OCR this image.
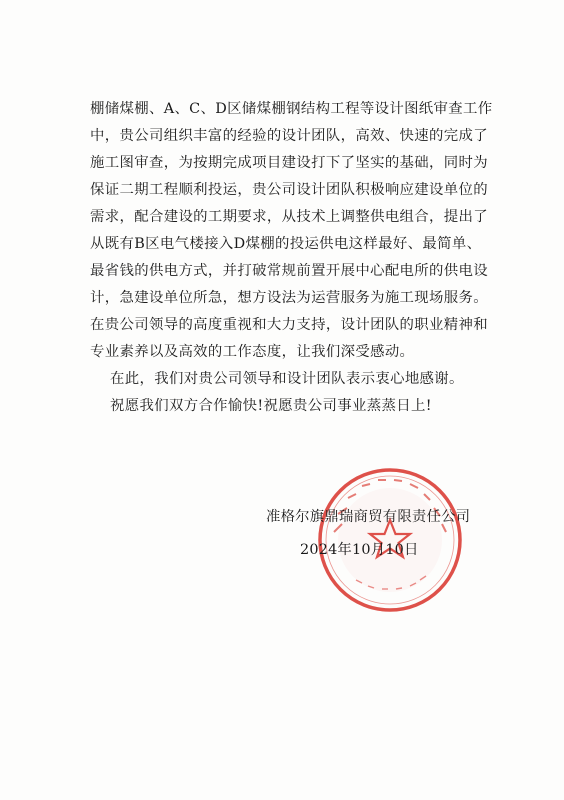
棚储煤棚、A、C、D区储煤棚钢结构工程等设计图纸审查工作
中，贵公司组织丰富的经验的设计团队，高效、快速的完成了
施工图审查，为按期完成项目建设打下了坚实的基础，同时为
保证二期工程顺利投运，贵公司设计团队积极响应建设单位的
需求，配合建设的工期要求，从技术上调整供电组合，提出了
从既有B区电气楼接入D煤棚的投运供电这样最好、最简单、
最省钱的供电方式，并打破常规前置开展中心配电所的供电设
计，急建设单位所急，想方设法为运营服务为施工现场服务。
在贵公司领导的高度重视和大力支持，设计团队的职业精神和
专业素养以及高效的工作态度，让我们深受感动。
在此，我们对贵公司领导和设计团队表示衷心地感谢。
祝愿我们双方合作愉快!祝愿贵公司事业蒸蒸日上!
准格尔旗鼎瑞商贸有限责任公司
2024年10月10日
